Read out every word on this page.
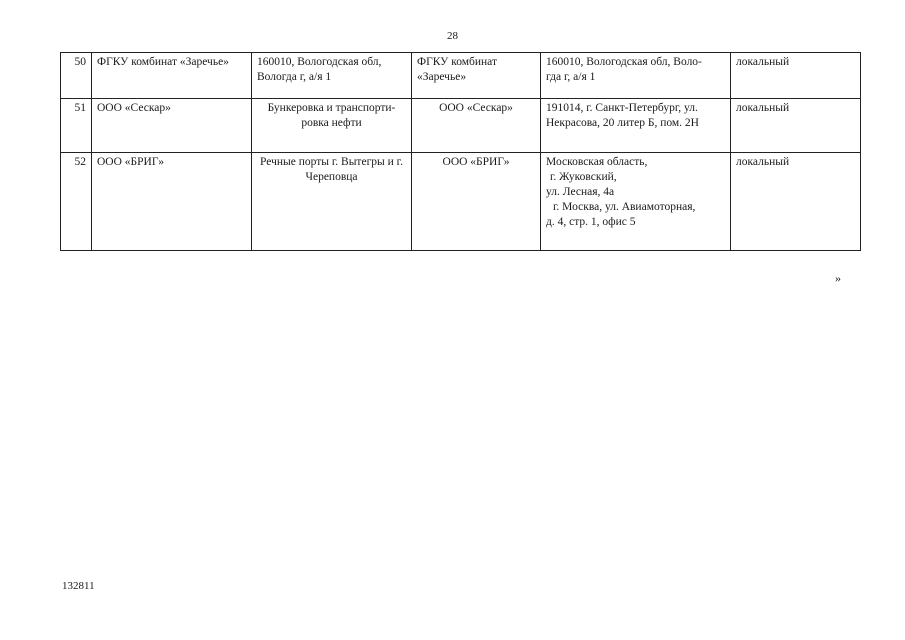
28
50	ФГКУ комбинат «Заречье»	160010, Вологодская обл, Вологда г, а/я 1	ФГКУ комбинат «Заречье»	160010, Вологодская обл, Воло-
гда г, а/я 1	локальный
51	ООО «Сескар»	Бункеровка и транспорти-ровка нефти	ООО «Сескар»	191014, г. Санкт-Петербург, ул.
Некрасова, 20 литер Б, пом. 2Н	локальный
52	ООО «БРИГ»	Речные порты г. Вытегры и г. Череповца	ООО «БРИГ»	Московская область,
г. Жуковский,
ул. Лесная, 4а
г. Москва, ул. Авиамоторная,
д. 4, стр. 1, офис 5	локальный
»
132811
